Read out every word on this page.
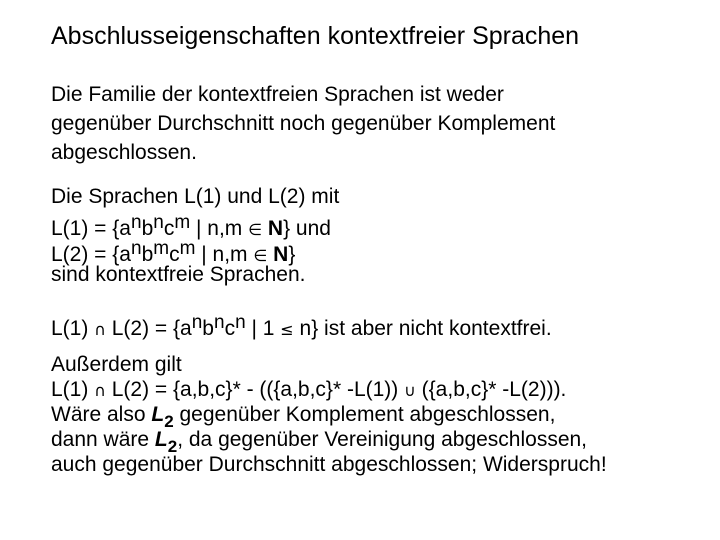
Abschlusseigenschaften kontextfreier Sprachen
Die Familie der kontextfreien Sprachen ist weder
gegenüber Durchschnitt noch gegenüber Komplement
abgeschlossen.
Die Sprachen L(1) und L(2) mit
L(1) = {anbncm | n,m ∈ N} und
L(2) = {anbmcm | n,m ∈ N}
sind kontextfreie Sprachen.
L(1) ∩ L(2) = {anbncn | 1 ≤ n} ist aber nicht kontextfrei.
Außerdem gilt
L(1) ∩ L(2) = {a,b,c}* - (({a,b,c}* -L(1)) ∪ ({a,b,c}* -L(2))).
Wäre also $L_2$ gegenüber Komplement abgeschlossen,
dann wäre $L_2$, da gegenüber Vereinigung abgeschlossen,
auch gegenüber Durchschnitt abgeschlossen; Widerspruch!
